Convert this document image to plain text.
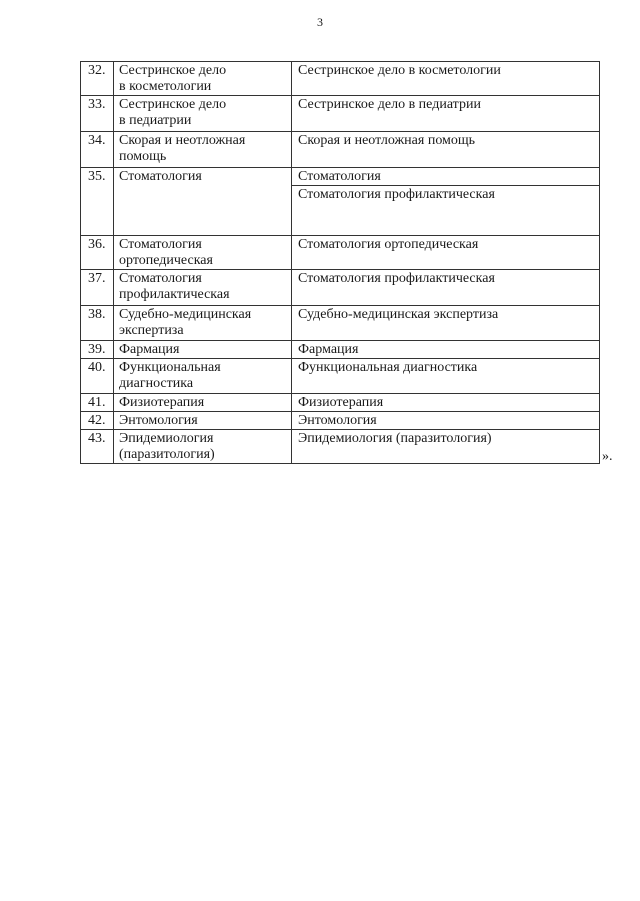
3
32.	Сестринское дело
в косметологии	Сестринское дело в косметологии

33.	Сестринское дело
в педиатрии	Сестринское дело в педиатрии

34.	Скорая и неотложная
помощь	Скорая и неотложная помощь

35.	Стоматология	Стоматология
Стоматология профилактическая

36.	Стоматология
ортопедическая	Стоматология ортопедическая

37.	Стоматология
профилактическая	Стоматология профилактическая

38.	Судебно-медицинская
экспертиза	Судебно-медицинская экспертиза

39.	Фармация	Фармация

40.	Функциональная
диагностика	Функциональная диагностика

41.	Физиотерапия	Физиотерапия

42.	Энтомология	Энтомология

43.	Эпидемиология
(паразитология)	Эпидемиология (паразитология)
».
